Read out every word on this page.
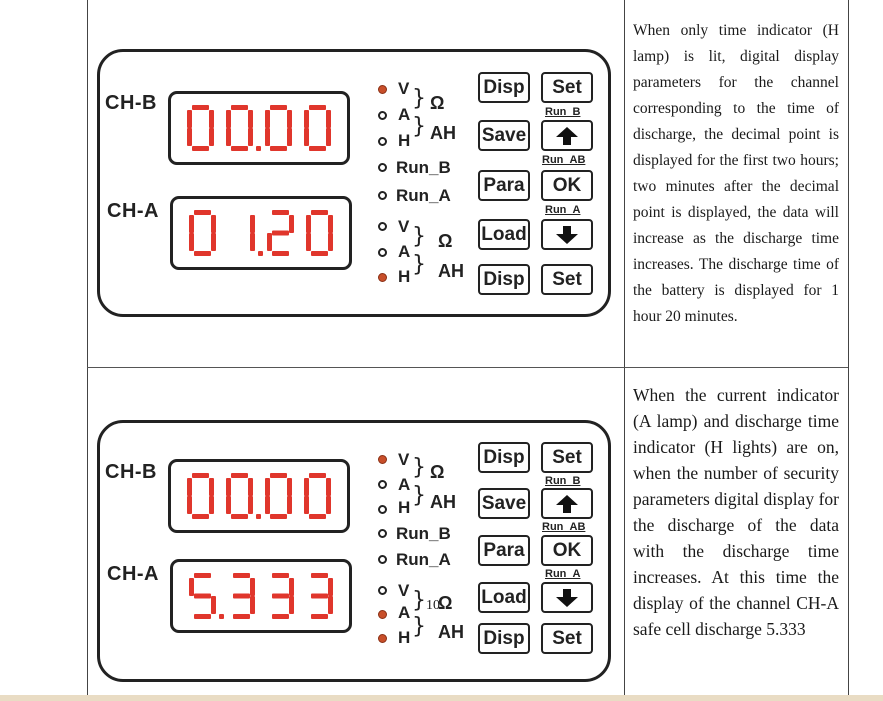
CH-B
CH-A
V
A
H
} Ω
} AH
Run_B
Run_A
V
A
H
} Ω
} AH
Disp	Set
Run_B
Save
Run_AB
Para	OK
Run_A
Load
Disp	Set
When only time indicator (H lamp) is lit, digital display parameters for the channel corresponding to the time of discharge, the decimal point is displayed for the first two hours; two minutes after the decimal point is displayed, the data will increase as the discharge time increases. The discharge time of the battery is displayed for 1 hour 20 minutes.
CH-B
CH-A
V
A
H
} Ω
} AH
Run_B
Run_A
V
A
H
} Ω
} AH
Disp	Set
Run_B
Save
Run_AB
Para	OK
Run_A
Load
Disp	Set
When the current indicator (A lamp) and discharge time indicator (H lights) are on, when the number of security parameters digital display for the discharge of the data with the discharge time increases. At this time the display of the channel CH-A safe cell discharge 5.333
10
